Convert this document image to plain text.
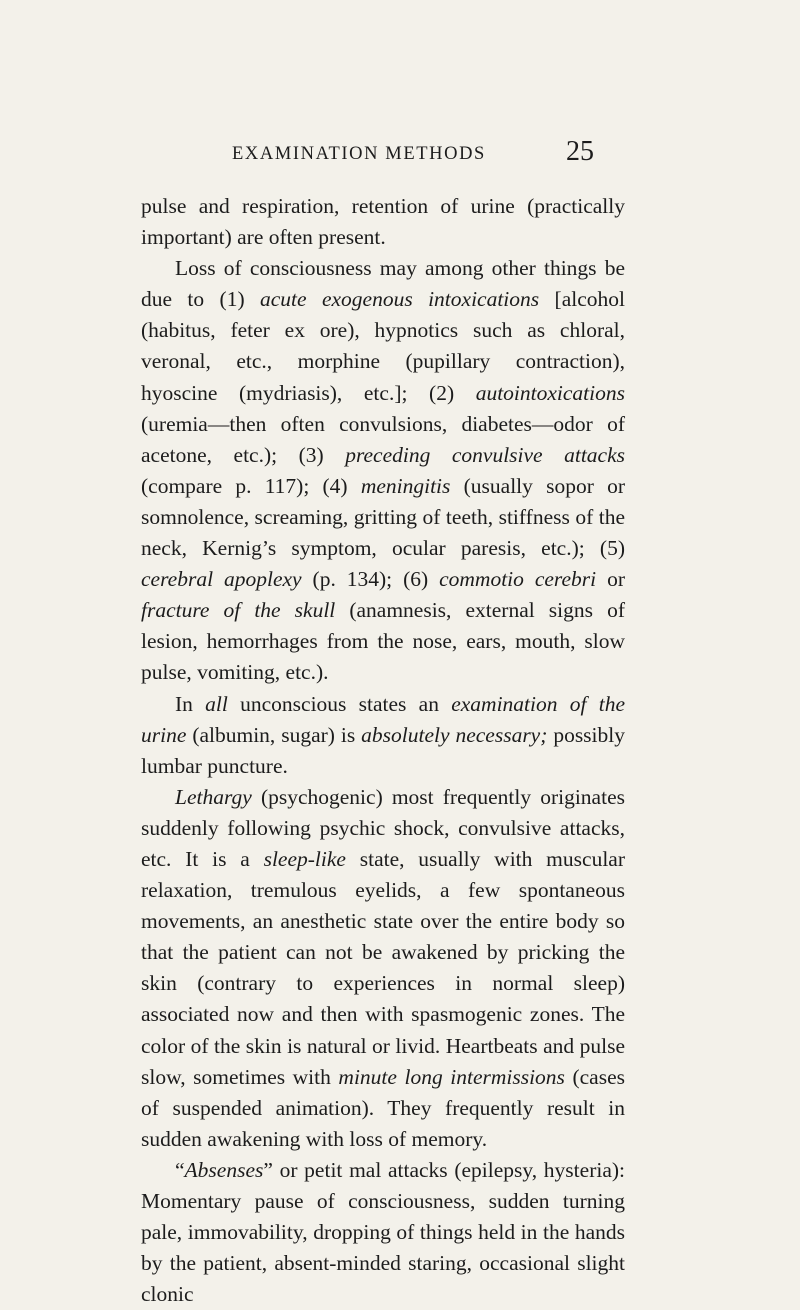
EXAMINATION METHODS	25

pulse and respiration, retention of urine (practically important) are often present.

Loss of consciousness may among other things be due to (1) acute exogenous intoxications [alcohol (habitus, feter ex ore), hypnotics such as chloral, veronal, etc., morphine (pupillary contraction), hyoscine (mydriasis), etc.]; (2) autointoxications (uremia—then often convulsions, diabetes—odor of acetone, etc.); (3) preceding convulsive attacks (compare p. 117); (4) meningitis (usually sopor or somnolence, screaming, gritting of teeth, stiffness of the neck, Kernig’s symptom, ocular paresis, etc.); (5) cerebral apoplexy (p. 134); (6) commotio cerebri or fracture of the skull (anamnesis, external signs of lesion, hemorrhages from the nose, ears, mouth, slow pulse, vomiting, etc.).

In all unconscious states an examination of the urine (albumin, sugar) is absolutely necessary; possibly lumbar puncture.

Lethargy (psychogenic) most frequently originates suddenly following psychic shock, convulsive attacks, etc. It is a sleep-like state, usually with muscular relaxation, tremulous eyelids, a few spontaneous movements, an anesthetic state over the entire body so that the patient can not be awakened by pricking the skin (contrary to experiences in normal sleep) associated now and then with spasmogenic zones. The color of the skin is natural or livid. Heartbeats and pulse slow, sometimes with minute long intermissions (cases of suspended animation). They frequently result in sudden awakening with loss of memory.

“Absenses” or petit mal attacks (epilepsy, hysteria): Momentary pause of consciousness, sudden turning pale, immovability, dropping of things held in the hands by the patient, absent-minded staring, occasional slight clonic
